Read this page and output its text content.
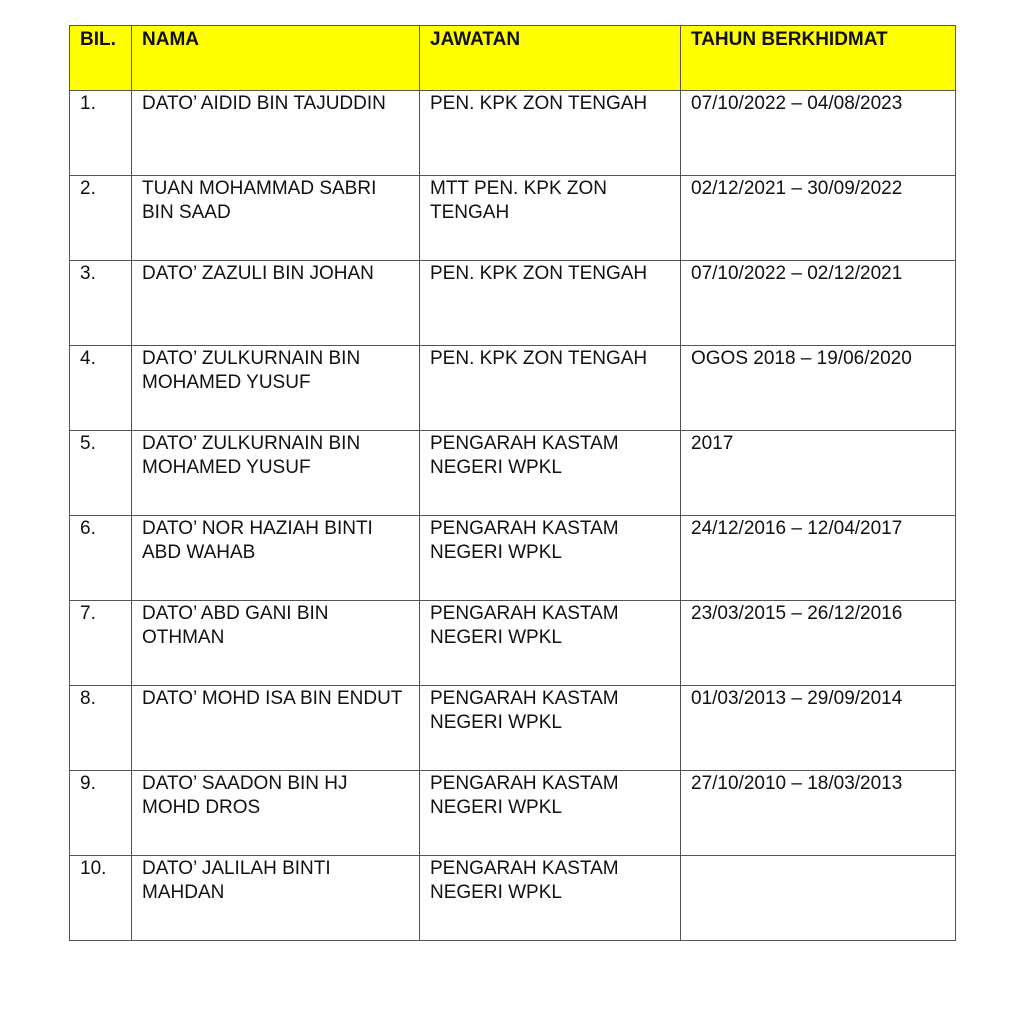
BIL.	NAMA	JAWATAN	TAHUN BERKHIDMAT
1.	DATO’ AIDID BIN TAJUDDIN	PEN. KPK ZON TENGAH	07/10/2022 – 04/08/2023
2.	TUAN MOHAMMAD SABRI BIN SAAD	MTT PEN. KPK ZON TENGAH	02/12/2021 – 30/09/2022
3.	DATO’ ZAZULI BIN JOHAN	PEN. KPK ZON TENGAH	07/10/2022 – 02/12/2021
4.	DATO’ ZULKURNAIN BIN MOHAMED YUSUF	PEN. KPK ZON TENGAH	OGOS 2018 – 19/06/2020
5.	DATO’ ZULKURNAIN BIN MOHAMED YUSUF	PENGARAH KASTAM NEGERI WPKL	2017
6.	DATO’ NOR HAZIAH BINTI ABD WAHAB	PENGARAH KASTAM NEGERI WPKL	24/12/2016 – 12/04/2017
7.	DATO’ ABD GANI BIN OTHMAN	PENGARAH KASTAM NEGERI WPKL	23/03/2015 – 26/12/2016
8.	DATO’ MOHD ISA BIN ENDUT	PENGARAH KASTAM NEGERI WPKL	01/03/2013 – 29/09/2014
9.	DATO’ SAADON BIN HJ MOHD DROS	PENGARAH KASTAM NEGERI WPKL	27/10/2010 – 18/03/2013
10.	DATO’ JALILAH BINTI MAHDAN	PENGARAH KASTAM NEGERI WPKL	
